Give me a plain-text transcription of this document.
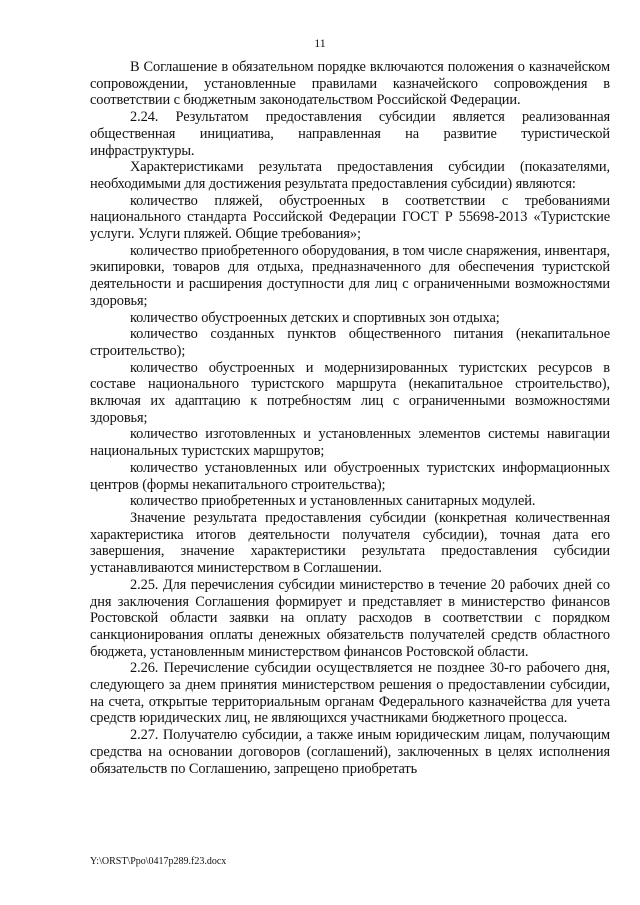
11

В Соглашение в обязательном порядке включаются положения о казначейском сопровождении, установленные правилами казначейского сопровождения в соответствии с бюджетным законодательством Российской Федерации.

2.24. Результатом предоставления субсидии является реализованная общественная инициатива, направленная на развитие туристической инфраструктуры.

Характеристиками результата предоставления субсидии (показателями, необходимыми для достижения результата предоставления субсидии) являются:

количество пляжей, обустроенных в соответствии с требованиями национального стандарта Российской Федерации ГОСТ Р 55698-2013 «Туристские услуги. Услуги пляжей. Общие требования»;

количество приобретенного оборудования, в том числе снаряжения, инвентаря, экипировки, товаров для отдыха, предназначенного для обеспечения туристской деятельности и расширения доступности для лиц с ограниченными возможностями здоровья;

количество обустроенных детских и спортивных зон отдыха;

количество созданных пунктов общественного питания (некапитальное строительство);

количество обустроенных и модернизированных туристских ресурсов в составе национального туристского маршрута (некапитальное строительство), включая их адаптацию к потребностям лиц с ограниченными возможностями здоровья;

количество изготовленных и установленных элементов системы навигации национальных туристских маршрутов;

количество установленных или обустроенных туристских информационных центров (формы некапитального строительства);

количество приобретенных и установленных санитарных модулей.

Значение результата предоставления субсидии (конкретная количественная характеристика итогов деятельности получателя субсидии), точная дата его завершения, значение характеристики результата предоставления субсидии устанавливаются министерством в Соглашении.

2.25. Для перечисления субсидии министерство в течение 20 рабочих дней со дня заключения Соглашения формирует и представляет в министерство финансов Ростовской области заявки на оплату расходов в соответствии с порядком санкционирования оплаты денежных обязательств получателей средств областного бюджета, установленным министерством финансов Ростовской области.

2.26. Перечисление субсидии осуществляется не позднее 30-го рабочего дня, следующего за днем принятия министерством решения о предоставлении субсидии, на счета, открытые территориальным органам Федерального казначейства для учета средств юридических лиц, не являющихся участниками бюджетного процесса.

2.27. Получателю субсидии, а также иным юридическим лицам, получающим средства на основании договоров (соглашений), заключенных в целях исполнения обязательств по Соглашению, запрещено приобретать

Y:\ORST\Ppo\0417p289.f23.docx
